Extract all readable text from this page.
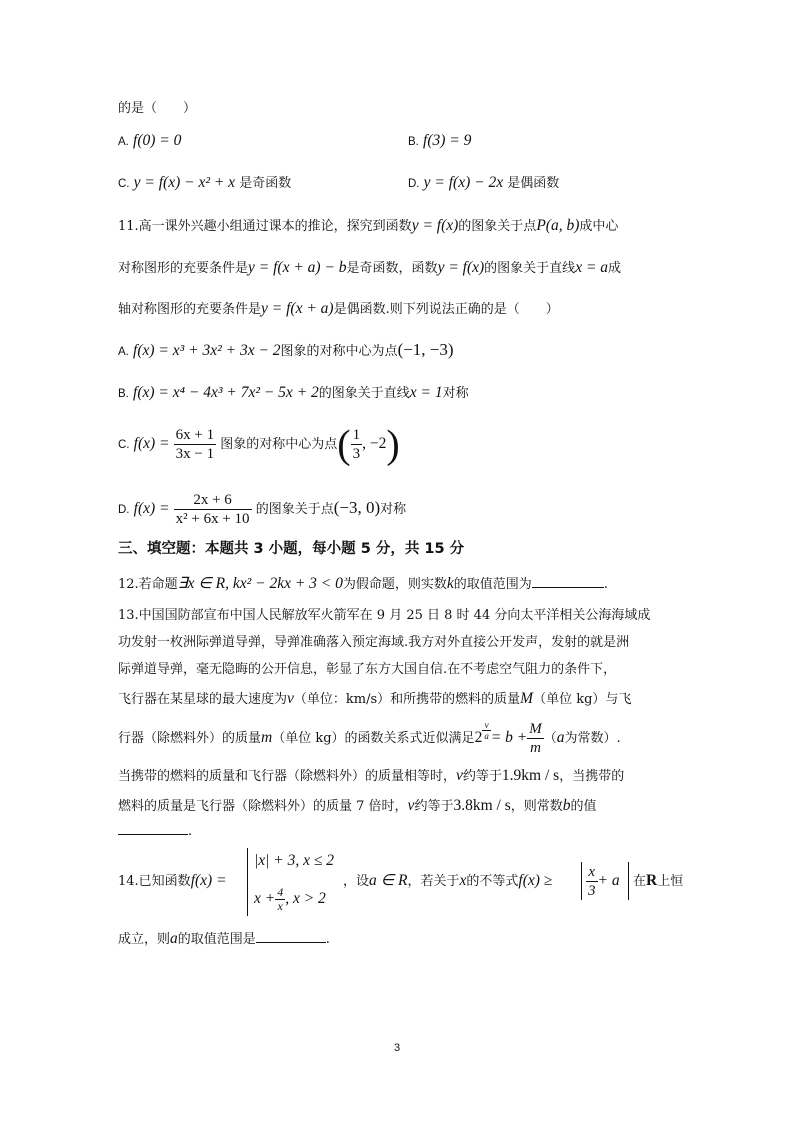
的是（　　）
A. f(0) = 0	B. f(3) = 9
C. y = f(x) − x² + x 是奇函数	D. y = f(x) − 2x 是偶函数
11.高一课外兴趣小组通过课本的推论，探究到函数y = f(x)的图象关于点P(a, b)成中心
对称图形的充要条件是y = f(x + a) − b是奇函数，函数y = f(x)的图象关于直线x = a成
轴对称图形的充要条件是y = f(x + a)是偶函数.则下列说法正确的是（　　）
A. f(x) = x³ + 3x² + 3x − 2图象的对称中心为点(−1, −3)
B. f(x) = x⁴ − 4x³ + 7x² − 5x + 2的图象关于直线x = 1对称
C. $f(x) = \frac{6x + 1}{3x - 1}$ 图象的对称中心为点( $\frac{1}{3}$ , −2)
D. $f(x) = \frac{2x + 6}{\text{x² + 6x + 10}}$ 的图象关于点(−3, 0)对称
三、填空题：本题共 3 小题，每小题 5 分，共 15 分
12.若命题∃x ∈ R, kx² − 2kx + 3 < 0为假命题，则实数k的取值范围为	.
13.中国国防部宣布中国人民解放军火箭军在 9 月 25 日 8 时 44 分向太平洋相关公海海域成
功发射一枚洲际弹道导弹，导弹准确落入预定海域.我方对外直接公开发声，发射的就是洲
际弹道导弹，毫无隐晦的公开信息，彰显了东方大国自信.在不考虑空气阻力的条件下，
飞行器在某星球的最大速度为v（单位：km/s）和所携带的燃料的质量M（单位 kg）与飞
行器（除燃料外）的质量m（单位 kg）的函数关系式近似满足$2 \frac{v}{a} = b + \frac{M}{m} (a$为常数）.
当携带的燃料的质量和飞行器（除燃料外）的质量相等时，v约等于1.9km / s，当携带的
燃料的质量是飞行器（除燃料外）的质量 7 倍时，v约等于3.8km / s，则常数b的值
.
14.已知函数f(x) =
|x| + 3, x ≤ 2
$x + \frac{4}{x}$ , x > 2
，设a ∈ R，若关于x的不等式$f(x) \ge \frac{x}{3} + a$ 在R上恒
成立，则a的取值范围是	.
3
